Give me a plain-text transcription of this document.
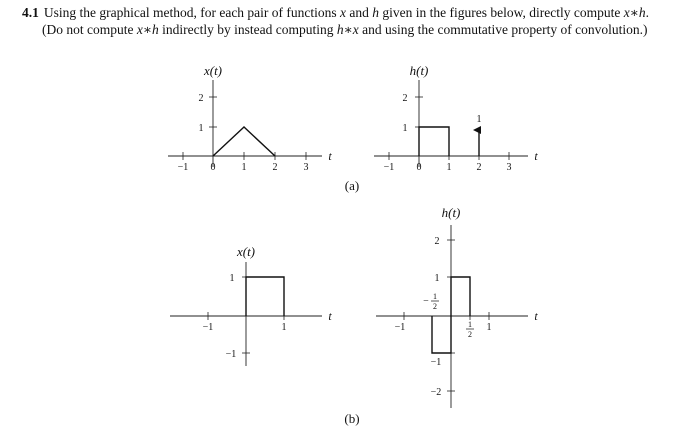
4.1 Using the graphical method, for each pair of functions x and h given in the figures below, directly compute x∗h.
(Do not compute x∗h indirectly by instead computing h∗x and using the commutative property of convolution.)
−1 0	1	2	3
1
2
x(t)
t
−1 0	1	2	3
1
2
h(t)
t
1
(a)
−1	1
1
−1
x(t)
t
−1	1
2
1
−1
−2
− 1
2
1
2
h(t)
t
(b)
